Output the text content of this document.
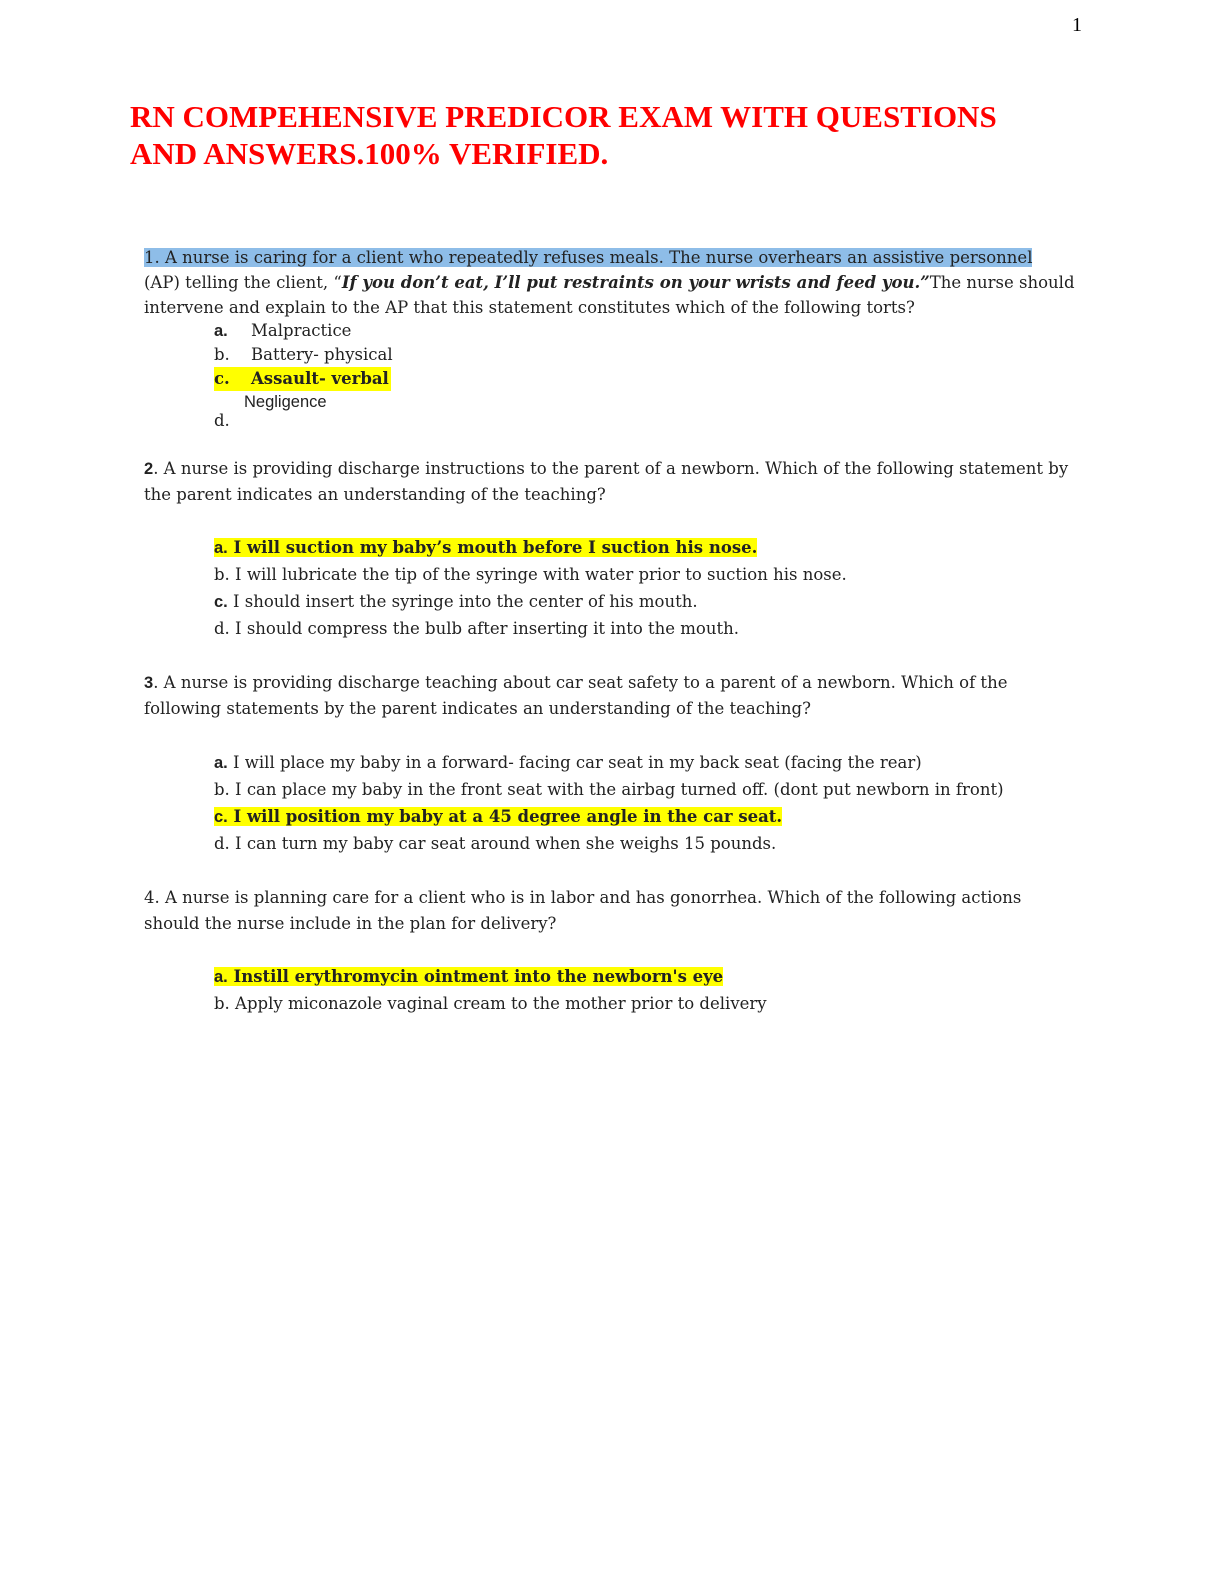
1
RN COMPEHENSIVE PREDICOR EXAM WITH QUESTIONS
AND ANSWERS.100% VERIFIED.
1. A nurse is caring for a client who repeatedly refuses meals. The nurse overhears an assistive personnel
(AP) telling the client, “If you don’t eat, I’ll put restraints on your wrists and feed you.”The nurse should
intervene and explain to the AP that this statement constitutes which of the following torts?
a. Malpractice
b. Battery- physical
c. Assault- verbal
Negligence
d.
2. A nurse is providing discharge instructions to the parent of a newborn. Which of the following statement by
the parent indicates an understanding of the teaching?
a. I will suction my baby’s mouth before I suction his nose.
b. I will lubricate the tip of the syringe with water prior to suction his nose.
c. I should insert the syringe into the center of his mouth.
d. I should compress the bulb after inserting it into the mouth.
3. A nurse is providing discharge teaching about car seat safety to a parent of a newborn. Which of the
following statements by the parent indicates an understanding of the teaching?
a. I will place my baby in a forward- facing car seat in my back seat (facing the rear)
b. I can place my baby in the front seat with the airbag turned off. (dont put newborn in front)
c. I will position my baby at a 45 degree angle in the car seat.
d. I can turn my baby car seat around when she weighs 15 pounds.
4. A nurse is planning care for a client who is in labor and has gonorrhea. Which of the following actions
should the nurse include in the plan for delivery?
a. Instill erythromycin ointment into the newborn's eye
b. Apply miconazole vaginal cream to the mother prior to delivery
